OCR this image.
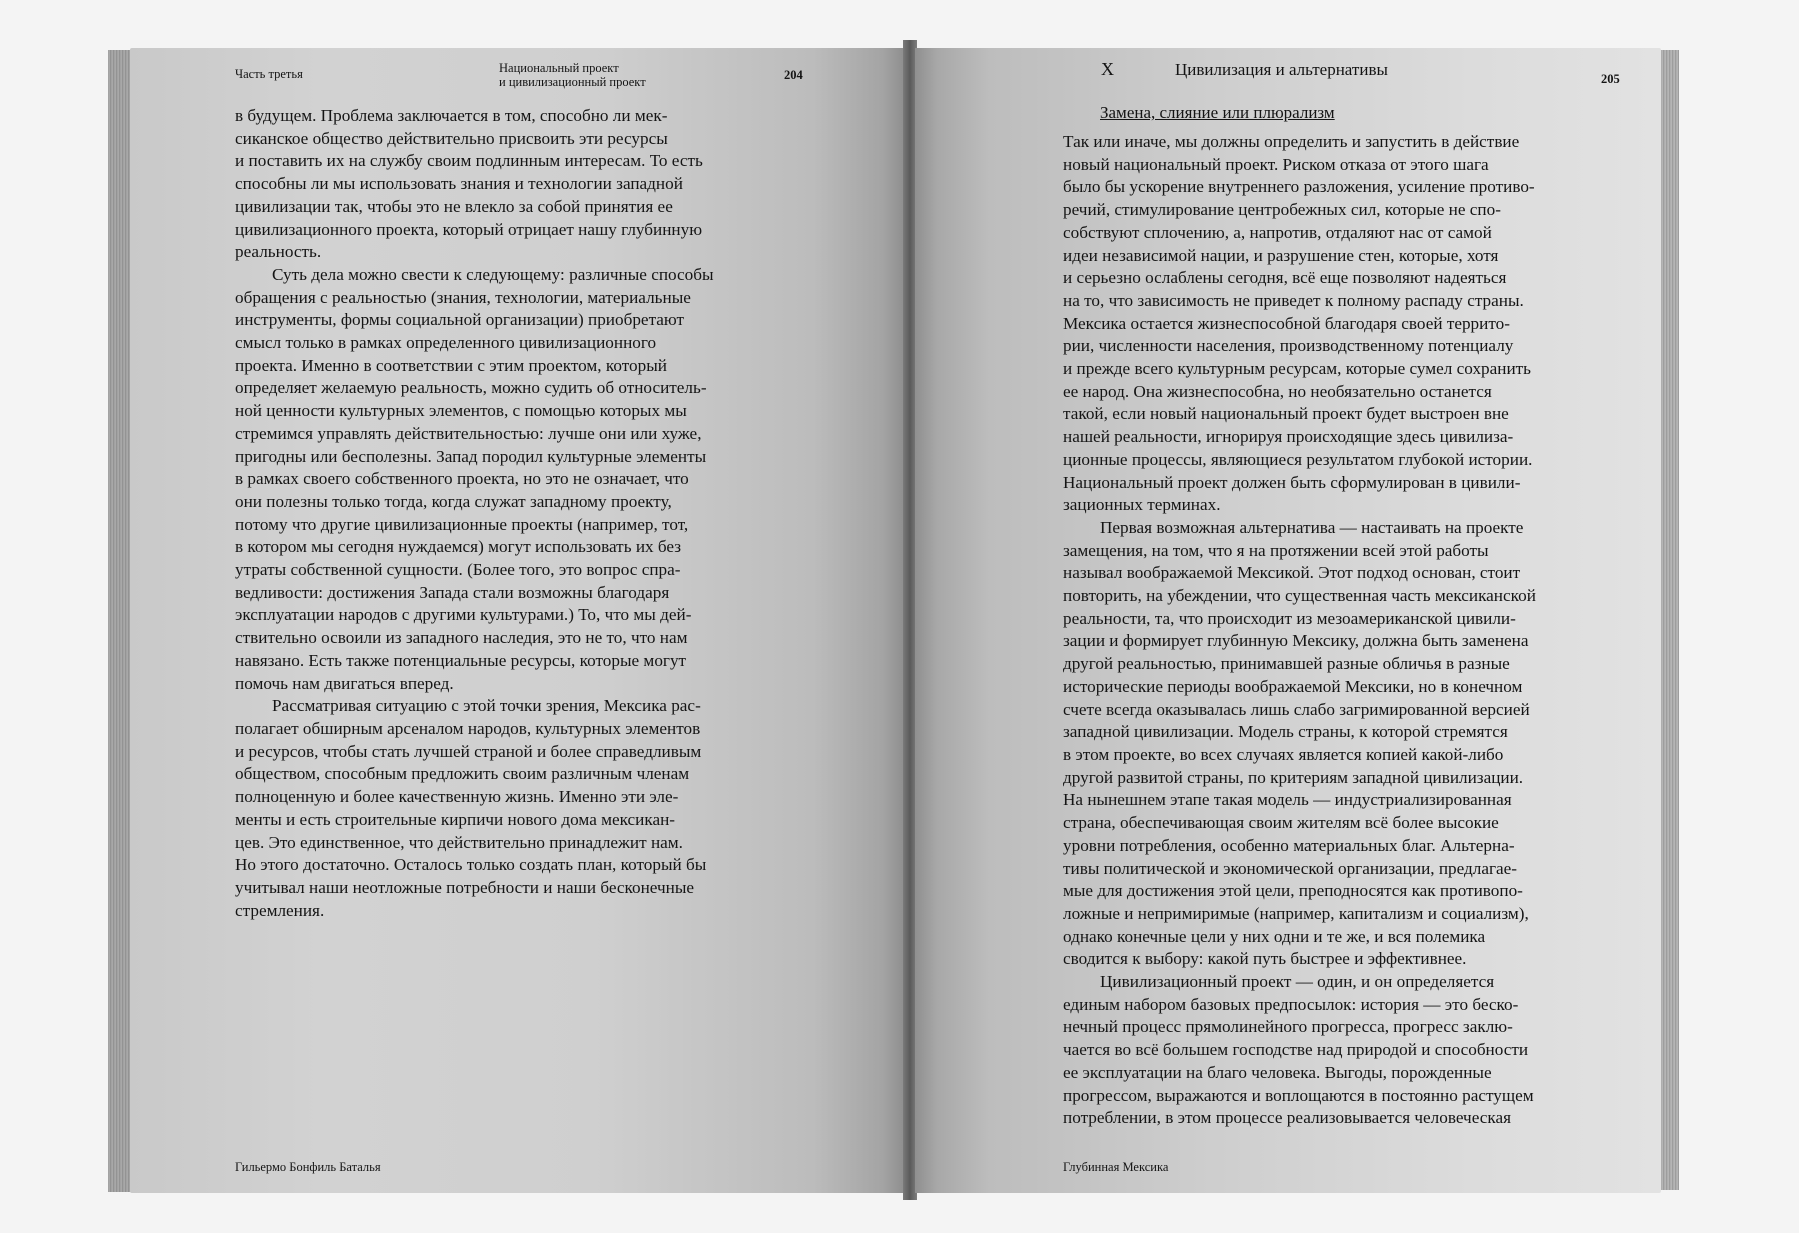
Часть третья	Национальный проект
и цивилизационный проект	204
в будущем. Проблема заключается в том, способно ли мек-
сиканское общество действительно присвоить эти ресурсы
и поставить их на службу своим подлинным интересам. То есть
способны ли мы использовать знания и технологии западной
цивилизации так, чтобы это не влекло за собой принятия ее
цивилизационного проекта, который отрицает нашу глубинную
реальность.
Суть дела можно свести к следующему: различные способы
обращения с реальностью (знания, технологии, материальные
инструменты, формы социальной организации) приобретают
смысл только в рамках определенного цивилизационного
проекта. Именно в соответствии с этим проектом, который
определяет желаемую реальность, можно судить об относитель-
ной ценности культурных элементов, с помощью которых мы
стремимся управлять действительностью: лучше они или хуже,
пригодны или бесполезны. Запад породил культурные элементы
в рамках своего собственного проекта, но это не означает, что
они полезны только тогда, когда служат западному проекту,
потому что другие цивилизационные проекты (например, тот,
в котором мы сегодня нуждаемся) могут использовать их без
утраты собственной сущности. (Более того, это вопрос спра-
ведливости: достижения Запада стали возможны благодаря
эксплуатации народов с другими культурами.) То, что мы дей-
ствительно освоили из западного наследия, это не то, что нам
навязано. Есть также потенциальные ресурсы, которые могут
помочь нам двигаться вперед.
Рассматривая ситуацию с этой точки зрения, Мексика рас-
полагает обширным арсеналом народов, культурных элементов
и ресурсов, чтобы стать лучшей страной и более справедливым
обществом, способным предложить своим различным членам
полноценную и более качественную жизнь. Именно эти эле-
менты и есть строительные кирпичи нового дома мексикан-
цев. Это единственное, что действительно принадлежит нам.
Но этого достаточно. Осталось только создать план, который бы
учитывал наши неотложные потребности и наши бесконечные
стремления.
Гильермо Бонфиль Баталья
X	Цивилизация и альтернативы	205
Замена, слияние или плюрализм
Так или иначе, мы должны определить и запустить в действие
новый национальный проект. Риском отказа от этого шага
было бы ускорение внутреннего разложения, усиление противо-
речий, стимулирование центробежных сил, которые не спо-
собствуют сплочению, а, напротив, отдаляют нас от самой
идеи независимой нации, и разрушение стен, которые, хотя
и серьезно ослаблены сегодня, всё еще позволяют надеяться
на то, что зависимость не приведет к полному распаду страны.
Мексика остается жизнеспособной благодаря своей террито-
рии, численности населения, производственному потенциалу
и прежде всего культурным ресурсам, которые сумел сохранить
ее народ. Она жизнеспособна, но необязательно останется
такой, если новый национальный проект будет выстроен вне
нашей реальности, игнорируя происходящие здесь цивилиза-
ционные процессы, являющиеся результатом глубокой истории.
Национальный проект должен быть сформулирован в цивили-
зационных терминах.
Первая возможная альтернатива — настаивать на проекте
замещения, на том, что я на протяжении всей этой работы
называл воображаемой Мексикой. Этот подход основан, стоит
повторить, на убеждении, что существенная часть мексиканской
реальности, та, что происходит из мезоамериканской цивили-
зации и формирует глубинную Мексику, должна быть заменена
другой реальностью, принимавшей разные обличья в разные
исторические периоды воображаемой Мексики, но в конечном
счете всегда оказывалась лишь слабо загримированной версией
западной цивилизации. Модель страны, к которой стремятся
в этом проекте, во всех случаях является копией какой-либо
другой развитой страны, по критериям западной цивилизации.
На нынешнем этапе такая модель — индустриализированная
страна, обеспечивающая своим жителям всё более высокие
уровни потребления, особенно материальных благ. Альтерна-
тивы политической и экономической организации, предлагае-
мые для достижения этой цели, преподносятся как противопо-
ложные и непримиримые (например, капитализм и социализм),
однако конечные цели у них одни и те же, и вся полемика
сводится к выбору: какой путь быстрее и эффективнее.
Цивилизационный проект — один, и он определяется
единым набором базовых предпосылок: история — это беско-
нечный процесс прямолинейного прогресса, прогресс заклю-
чается во всё большем господстве над природой и способности
ее эксплуатации на благо человека. Выгоды, порожденные
прогрессом, выражаются и воплощаются в постоянно растущем
потреблении, в этом процессе реализовывается человеческая
Глубинная Мексика
